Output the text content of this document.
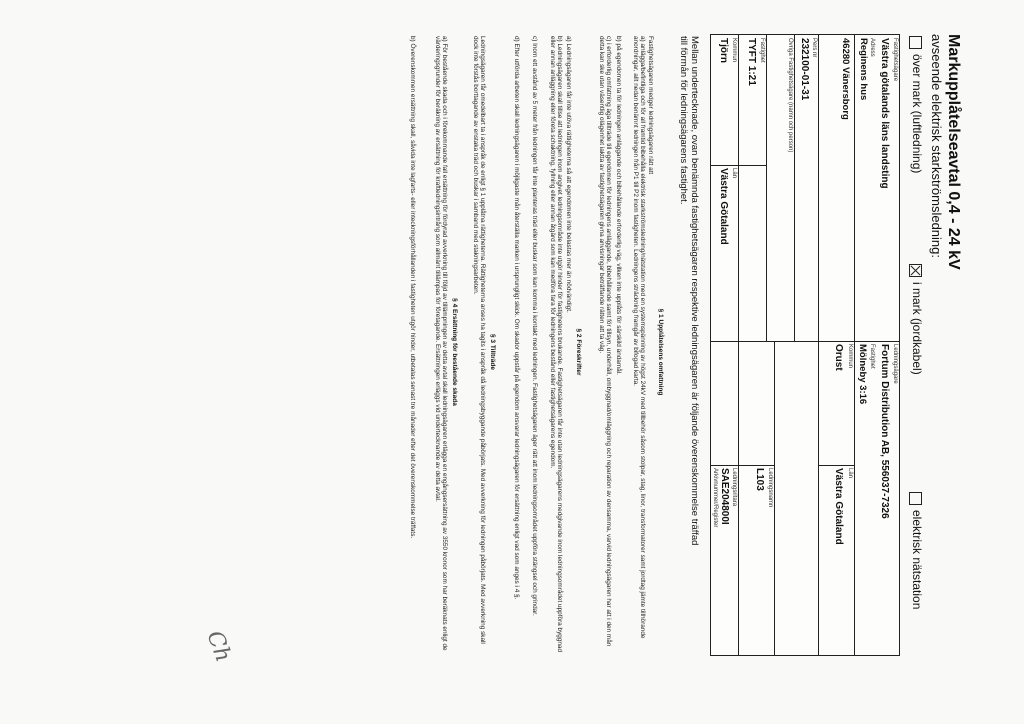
Markupplåtelseavtal 0,4 - 24 kV
avseende elektrisk starkströmsledning:
över mark (luftledning)
i mark (jordkabel)
elektrisk nätstation
Fastighetsägare
Västra götalands läns landsting
Adress
Reginens hus
46280 Vänersborg
Pers nr
232100-01-31
Övriga Fastighetsägare (namn och person)
Ledningsägare
Fortum Distribution AB, 556037-7326
Fastighet
Mölneby 3:16
Kommun
Orust
Län
Västra Götaland
Ledningsnamn
L103
Ledningsritara
SAE204800I
Arkivnummer/Register
Fastighet
TYFT 1:21
Kommun
Tjörn
Län
Västra Götaland
Mellan undertecknade, ovan benämnda fastighetsägaren respektive ledningsägaren är följande överenskommelse träffad till förmån för ledningsägarens fastighet.
§ 1 Upplåtelsens omfattning
Fastighetsägaren medger ledningsägaren rätt att
a) anlägga/befintliga och för all framtid bibehålla elektrisk starkströmsledning/nätstation med en systemspänning av högst 24kV med tillbehör såsom stolpar, stag, linor, transformatorer samt jordtag jämte tillhörande anordningar, allt nedan benämnt ledningen från P1 till P2 inom fastigheten. Ledningens sträckning framgår av bifogad karta.
b) på egendomen ta för ledningen anläggande och bibehållande erforderlig väg, vilken inte upplåts för särskild ändamål.
c) i erforderlig omfattning äga tillträde till egendomen för ledningens anläggande, bibehållande samt för tillsyn, underhåll, ombyggnad/omläggning och reparation av densamma, varvid ledningsägaren har att i den mån detta kan ske utan väsentlig olägenhet iaktta av fastighetsägaren givna anvisningar beträffande rätten att ta väg.
§ 2 Föreskrifter
a) Ledningsägaren får inte utöva rättigheterna så att egendomen inte belastas mer än nödvändigt.
b) Ledningsägaren skall tillse att ledningen inom angivet ledningsområde inte utgör hinder för fastighetens brukande. Fastighetsägaren får inte utan ledningsägarens medgivande inom ledningsområdet uppföra byggnad eller annan anläggning eller företa schaktning, fyllning eller annan åtgärd som kan medföra fara för ledningens bestånd eller fastighetsägarens egendom.
c) Inom ett avstånd av 5 meter från ledningen får inte planteras träd eller buskar som kan komma i kontakt med ledningen. Fastighetsägaren äger rätt att inom ledningsområdet uppföra stängsel och grindar.
d) Efter utförda arbeten skall ledningsägaren i möjligaste mån återställa marken i ursprungligt skick. Om skador uppstår på egendom ansvarar ledningsägaren för ersättning enligt vad som anges i 4 §.
§ 3 Tillträde
Ledningsägaren får omedelbart ta i anspråk de enligt § 1 upplåtna rättigheterna. Rättigheterna anses ha tagits i anspråk då ledningsbyggande påbörjats. Med avverkning för ledningen påbörjats. Med avverkning skall dock inte förstås borttagande av enstaka träd och buskar i samband med stakningsarbeten.
§ 4 Ersättning för bestående skada
a) För bestående skada och i förekommande fall ersättning för fördyrad avverkning till följd av tillämpningen av detta avtal skall ledningsägaren erlägga en engångsersättning av 3550 kronor som har beräknats enligt de värderingsgrunder för beräkning av ersättning för kraftledningsintrång som allmänt tillämpas för företagande. Ersättningen erläggs vid undertecknande av detta avtal.
b) Överenskommen ersättning skall, såvida inte lagfarts- eller inteckningsförhållanden i fastigheten utgör hinder, utbetalas senast tre månader efter det överenskommelse träffats.
Ch
